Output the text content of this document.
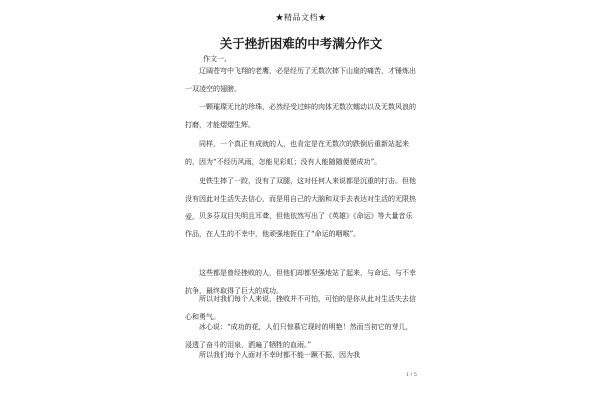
★精品文档★
关于挫折困难的中考满分作文
作文一、

辽阔苍穹中飞翔的老鹰，必是经历了无数次摔下山崖的痛苦，才锤炼出一双凌空的翅膀。

一颗璀璨无比的珍珠，必然经受过蚌的肉体无数次蠕动以及无数风浪的打磨，才能熠熠生辉。

同样，一个真正有成就的人，也肯定是在无数次的跌倒后重新站起来的，因为“不经历风雨，怎能见彩虹；没有人能随随便便成功”。

史铁生摔了一跤，没有了双腿，这对任何人来说都是沉重的打击。但他没有因此对生活失去信心，而是用自己的大脑和双手去表达对生活的无限热爱。 贝多芬双目失明且耳聋，但他依然写出了《英雄》《命运》等大量音乐作品，在人生的不幸中，他顽强地扼住了“命运的咽喉”。

这些都是曾经挫败的人，但他们却都坚强地站了起来，与命运、与不幸抗争，最终取得了巨大的成功。

所以对我们每个人来说，挫败并不可怕，可怕的是你从此对生活失去信心和勇气。

冰心说：“成功的花，人们只惊慕它现时的明艳！然而当初它的芽儿，浸透了奋斗的泪泉，洒遍了牺牲的血雨。”

所以我们每个人面对不幸时都不能一蹶不振，因为我

1 / 5
